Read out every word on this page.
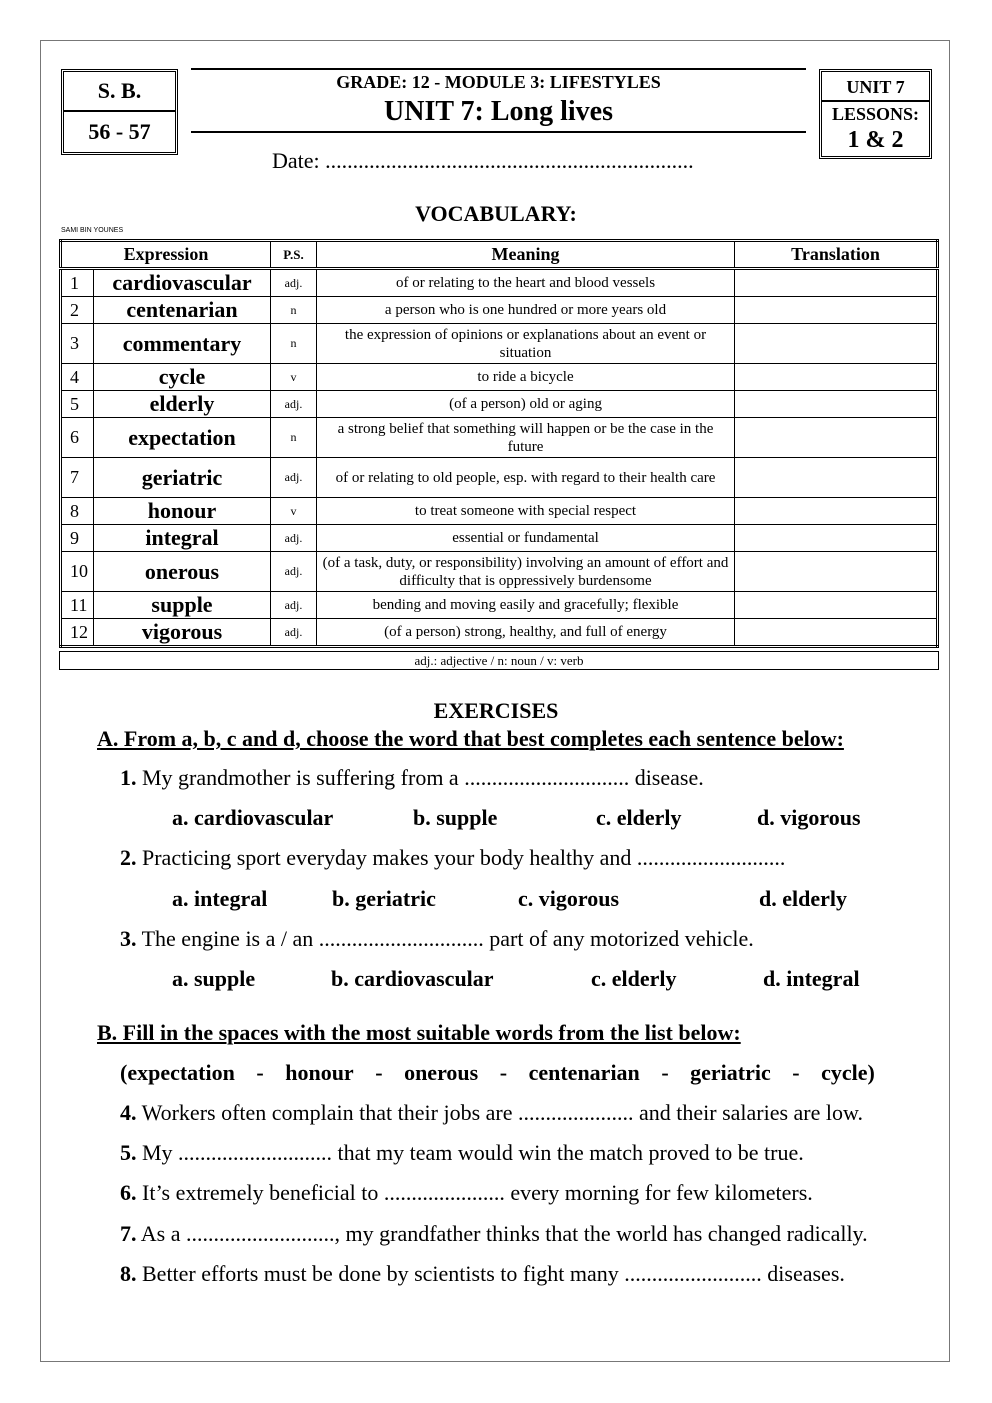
S. B.
56 - 57
GRADE: 12 - MODULE 3: LIFESTYLES
UNIT 7: Long lives
Date: ...................................................................
UNIT 7
LESSONS:
1 & 2
VOCABULARY:
SAMI BIN YOUNES
Expression		P.S.	Meaning	Translation
1	cardiovascular	adj.	of or relating to the heart and blood vessels	
2	centenarian	n	a person who is one hundred or more years old	
3	commentary	n	the expression of opinions or explanations about an event or situation	
4	cycle	v	to ride a bicycle	
5	elderly	adj.	(of a person) old or aging	
6	expectation	n	a strong belief that something will happen or be the case in the future	
7	geriatric	adj.	of or relating to old people, esp. with regard to their health care	
8	honour	v	to treat someone with special respect	
9	integral	adj.	essential or fundamental	
10	onerous	adj.	(of a task, duty, or responsibility) involving an amount of effort and difficulty that is oppressively burdensome	
11	supple	adj.	bending and moving easily and gracefully; flexible	
12	vigorous	adj.	(of a person) strong, healthy, and full of energy	
adj.: adjective / n: noun / v: verb
EXERCISES
A. From a, b, c and d, choose the word that best completes each sentence below:
1. My grandmother is suffering from a .............................. disease.
a. cardiovascular	b. supple	c. elderly	d. vigorous
2. Practicing sport everyday makes your body healthy and ...........................
a. integral	b. geriatric	c. vigorous	d. elderly
3. The engine is a / an .............................. part of any motorized vehicle.
a. supple	b. cardiovascular	c. elderly	d. integral
B. Fill in the spaces with the most suitable words from the list below:
(expectation - honour - onerous - centenarian - geriatric - cycle)
4. Workers often complain that their jobs are ..................... and their salaries are low.
5. My ............................ that my team would win the match proved to be true.
6. It’s extremely beneficial to ...................... every morning for few kilometers.
7. As a ..........................., my grandfather thinks that the world has changed radically.
8. Better efforts must be done by scientists to fight many ......................... diseases.
